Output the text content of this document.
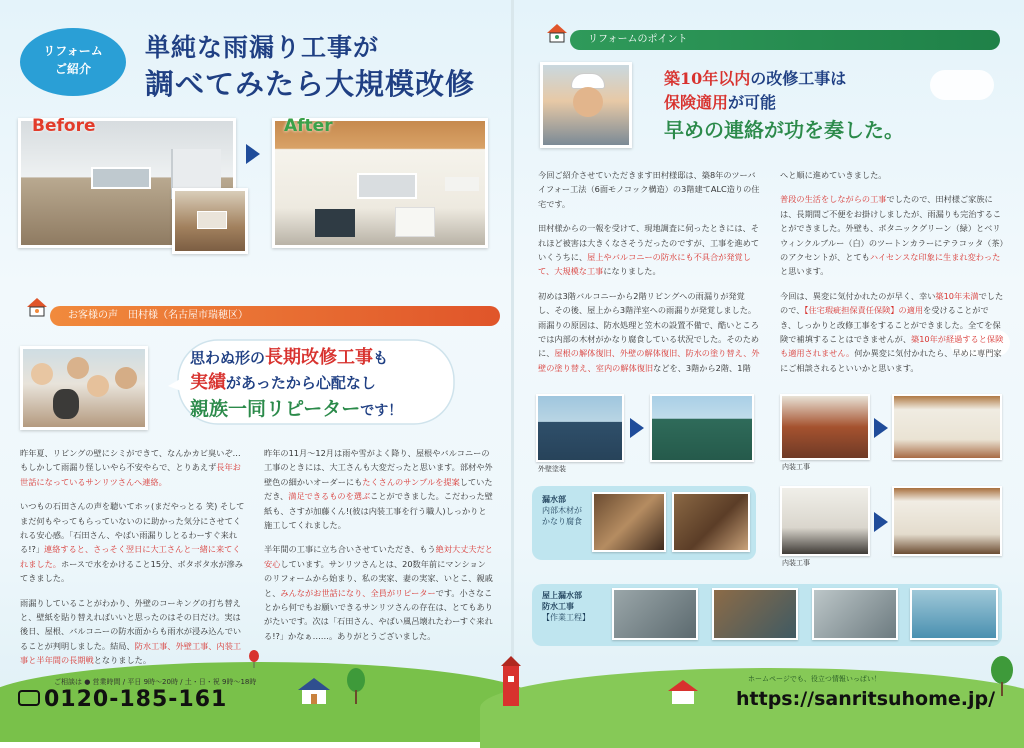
リフォーム
ご紹介
単純な雨漏り工事が
調べてみたら大規模改修
Before	After
お客様の声　田村様（名古屋市瑞穂区）
思わぬ形の長期改修工事も
実績があったから心配なし
親族一同リピーターです！

昨年夏、リビングの壁にシミができて、なんかカビ臭いぞ…もしかして雨漏り怪しいやら不安やらで、とりあえず長年お世話になっているサンリツさんへ連絡。

いつもの石田さんの声を聴いてホッ(まだやっとる 笑) そしてまだ何もやってもらっていないのに助かった気分にさせてくれる安心感。「石田さん、やばい雨漏りしとるわーすぐ来れる!?」連絡すると、さっそく翌日に大工さんと一緒に来てくれました。ホースで水をかけること15分、ボタボタ水が滲みてきました。

雨漏りしていることがわかり、外壁のコーキングの打ち替えと、壁紙を貼り替えればいいと思ったのはその日だけ。実は後日、屋根、バルコニーの防水面からも雨水が浸み込んでいることが判明しました。結局、防水工事、外壁工事、内装工事と半年間の長期戦となりました。

昨年の11月〜12月は雨や雪がよく降り、屋根やバルコニーの工事のときには、大工さんも大変だったと思います。部材や外壁色の細かいオーダーにもたくさんのサンプルを提案していただき、満足できるものを選ぶことができました。こだわった壁紙も、さすが加藤くん!(彼は内装工事を行う職人)しっかりと施工してくれました。

半年間の工事に立ち合いさせていただき、もう絶対大丈夫だと安心しています。サンリツさんとは、20数年前にマンションのリフォームから始まり、私の実家、妻の実家、いとこ、親戚と、みんながお世話になり、全員がリピーターです。小さなことから何でもお願いできるサンリツさんの存在は、とてもありがたいです。次は「石田さん、やばい風呂壊れたわーすぐ来れる!?」かなぁ……。ありがとうございました。

リフォームのポイント
築10年以内の改修工事は
保険適用が可能
早めの連絡が功を奏した。

今回ご紹介させていただきます田村様邸は、築8年のツーバイフォー工法（6面モノコック構造）の3階建てALC造りの住宅です。

田村様からの一報を受けて、現地調査に伺ったときには、それほど被害は大きくなさそうだったのですが、工事を進めていくうちに、屋上やバルコニーの防水にも不具合が発覚して、大規模な工事になりました。

初めは3階バルコニーから2階リビングへの雨漏りが発覚し、その後、屋上から3階洋室への雨漏りが発覚しました。雨漏りの原因は、防水処理と笠木の設置不備で、酷いところでは内部の木材がかなり腐食している状況でした。そのために、屋根の解体復旧、外壁の解体復旧、防水の塗り替え、外壁の塗り替え、室内の解体復旧などを、3階から2階、1階

へと順に進めていきました。

普段の生活をしながらの工事でしたので、田村様ご家族には、長期間ご不便をお掛けしましたが、雨漏りも完治することができました。外壁も、ボタニックグリーン（緑）とベリウィンクルブルー（白）のツートンカラーにテラコッタ（茶）のアクセントが、とてもハイセンスな印象に生まれ変わったと思います。

今回は、異変に気付かれたのが早く、幸い築10年未満でしたので、【住宅瑕疵担保責任保険】の適用を受けることができ、しっかりと改修工事をすることができました。全てを保険で補填することはできませんが、築10年が経過すると保険も適用されません。何か異変に気付かれたら、早めに専門家にご相談されるといいかと思います。

外壁塗装	内装工事
漏水部
内部木材が
かなり腐食
内装工事
屋上漏水部
防水工事
【作業工程】
ご相談は ● 営業時間 / 平日 9時〜20時 / 土・日・祝 9時〜18時
0120-185-161
ホームページでも、役立つ情報いっぱい！
https://sanritsuhome.jp/
